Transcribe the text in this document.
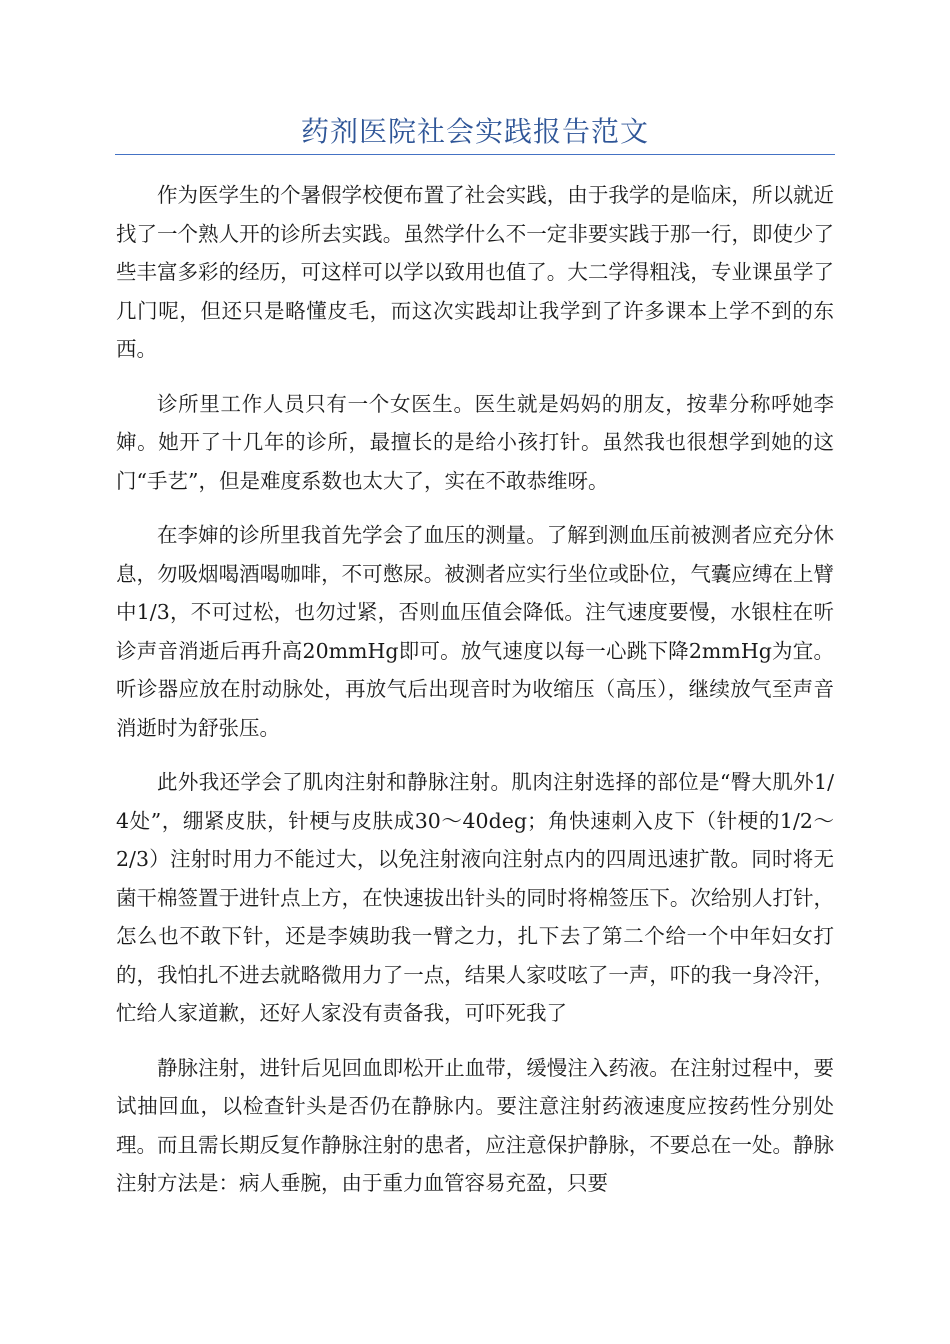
药剂医院社会实践报告范文

作为医学生的个暑假学校便布置了社会实践，由于我学的是临床，所以就近找了一个熟人开的诊所去实践。虽然学什么不一定非要实践于那一行，即使少了些丰富多彩的经历，可这样可以学以致用也值了。大二学得粗浅，专业课虽学了几门呢，但还只是略懂皮毛，而这次实践却让我学到了许多课本上学不到的东西。

诊所里工作人员只有一个女医生。医生就是妈妈的朋友，按辈分称呼她李婶。她开了十几年的诊所，最擅长的是给小孩打针。虽然我也很想学到她的这门“手艺”，但是难度系数也太大了，实在不敢恭维呀。

在李婶的诊所里我首先学会了血压的测量。了解到测血压前被测者应充分休息，勿吸烟喝酒喝咖啡，不可憋尿。被测者应实行坐位或卧位，气囊应缚在上臂中1/3，不可过松，也勿过紧，否则血压值会降低。注气速度要慢，水银柱在听诊声音消逝后再升高20mmHg即可。放气速度以每一心跳下降2mmHg为宜。听诊器应放在肘动脉处，再放气后出现音时为收缩压（高压），继续放气至声音消逝时为舒张压。

此外我还学会了肌肉注射和静脉注射。肌肉注射选择的部位是“臀大肌外1/4处”，绷紧皮肤，针梗与皮肤成30～40deg；角快速刺入皮下（针梗的1/2～2/3）注射时用力不能过大，以免注射液向注射点内的四周迅速扩散。同时将无菌干棉签置于进针点上方，在快速拔出针头的同时将棉签压下。次给别人打针，怎么也不敢下针，还是李姨助我一臂之力，扎下去了第二个给一个中年妇女打的，我怕扎不进去就略微用力了一点，结果人家哎呟了一声，吓的我一身冷汗，忙给人家道歉，还好人家没有责备我，可吓死我了

静脉注射，进针后见回血即松开止血带，缓慢注入药液。在注射过程中，要试抽回血，以检查针头是否仍在静脉内。要注意注射药液速度应按药性分别处理。而且需长期反复作静脉注射的患者，应注意保护静脉，不要总在一处。静脉注射方法是：病人垂腕，由于重力血管容易充盈，只要
